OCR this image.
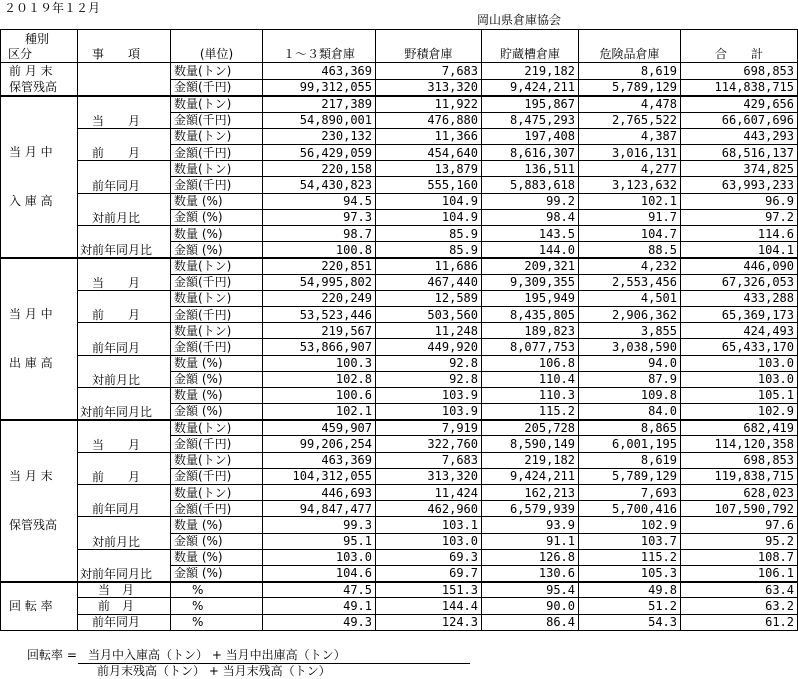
２０１９年１２月
岡山県倉庫協会
種別
区分	事　　項	(単位)	１～３類倉庫	野積倉庫	貯蔵槽倉庫	危険品倉庫	合　　計

前 月 末
保管残高		数量(トン)	463,369	7,683	219,182	8,619	698,853
		金額(千円)	99,312,055	313,320	9,424,211	5,789,129	114,838,715

当 月 中
入 庫 高	当　　月	数量(トン)	217,389	11,922	195,867	4,478	429,656
		金額(千円)	54,890,001	476,880	8,475,293	2,765,522	66,607,696
	前　　月	数量(トン)	230,132	11,366	197,408	4,387	443,293
		金額(千円)	56,429,059	454,640	8,616,307	3,016,131	68,516,137
	前年同月	数量(トン)	220,158	13,879	136,511	4,277	374,825
		金額(千円)	54,430,823	555,160	5,883,618	3,123,632	63,993,233
	対前月比	数量 (%)	94.5	104.9	99.2	102.1	96.9
		金額 (%)	97.3	104.9	98.4	91.7	97.2
	対前年同月比	数量 (%)	98.7	85.9	143.5	104.7	114.6
		金額 (%)	100.8	85.9	144.0	88.5	104.1

当 月 中
出 庫 高	当　　月	数量(トン)	220,851	11,686	209,321	4,232	446,090
		金額(千円)	54,995,802	467,440	9,309,355	2,553,456	67,326,053
	前　　月	数量(トン)	220,249	12,589	195,949	4,501	433,288
		金額(千円)	53,523,446	503,560	8,435,805	2,906,362	65,369,173
	前年同月	数量(トン)	219,567	11,248	189,823	3,855	424,493
		金額(千円)	53,866,907	449,920	8,077,753	3,038,590	65,433,170
	対前月比	数量 (%)	100.3	92.8	106.8	94.0	103.0
		金額 (%)	102.8	92.8	110.4	87.9	103.0
	対前年同月比	数量 (%)	100.6	103.9	110.3	109.8	105.1
		金額 (%)	102.1	103.9	115.2	84.0	102.9

当 月 末
保管残高	当　　月	数量(トン)	459,907	7,919	205,728	8,865	682,419
		金額(千円)	99,206,254	322,760	8,590,149	6,001,195	114,120,358
	前　　月	数量(トン)	463,369	7,683	219,182	8,619	698,853
		金額(千円)	104,312,055	313,320	9,424,211	5,789,129	119,838,715
	前年同月	数量(トン)	446,693	11,424	162,213	7,693	628,023
		金額(千円)	94,847,477	462,960	6,579,939	5,700,416	107,590,792
	対前月比	数量 (%)	99.3	103.1	93.9	102.9	97.6
		金額 (%)	95.1	103.0	91.1	103.7	95.2
	対前年同月比	数量 (%)	103.0	69.3	126.8	115.2	108.7
		金額 (%)	104.6	69.7	130.6	105.3	106.1

回 転 率	当　月	%	47.5	151.3	95.4	49.8	63.4
	前　月	%	49.1	144.4	90.0	51.2	63.2
	前年同月	%	49.3	124.3	86.4	54.3	61.2
回転率 = 当月中入庫高（トン） + 当月中出庫高（トン）
前月末残高（トン） + 当月末残高（トン）
